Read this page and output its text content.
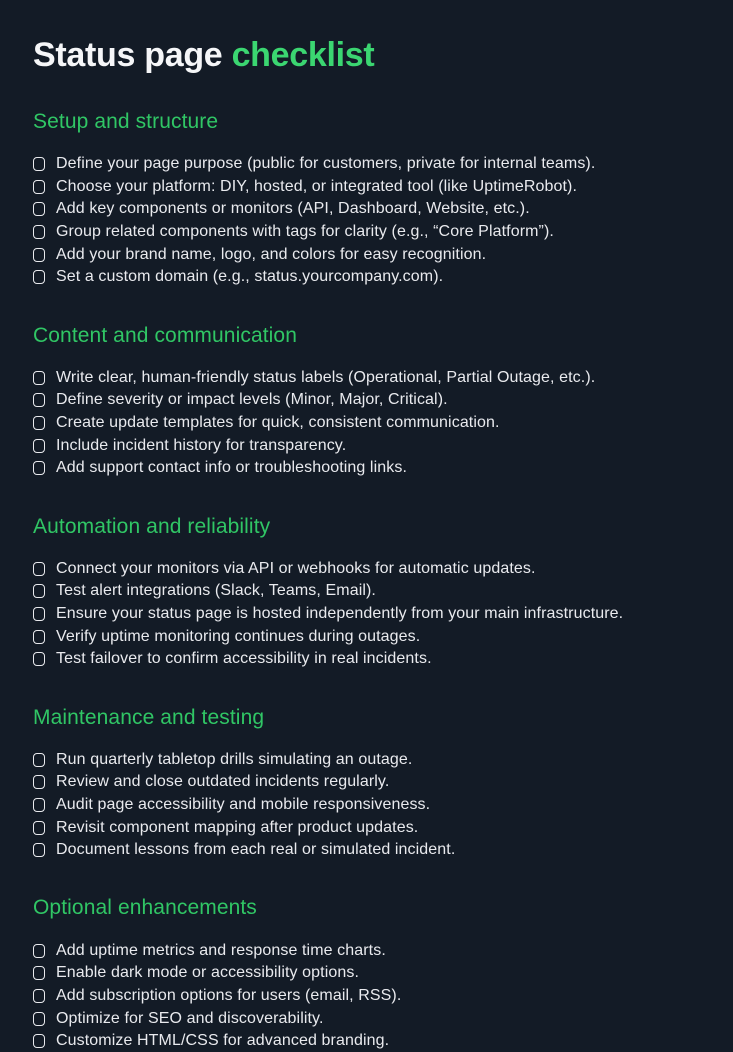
Status page checklist
Setup and structure
Define your page purpose (public for customers, private for internal teams).
Choose your platform: DIY, hosted, or integrated tool (like UptimeRobot).
Add key components or monitors (API, Dashboard, Website, etc.).
Group related components with tags for clarity (e.g., “Core Platform”).
Add your brand name, logo, and colors for easy recognition.
Set a custom domain (e.g., status.yourcompany.com).
Content and communication
Write clear, human-friendly status labels (Operational, Partial Outage, etc.).
Define severity or impact levels (Minor, Major, Critical).
Create update templates for quick, consistent communication.
Include incident history for transparency.
Add support contact info or troubleshooting links.
Automation and reliability
Connect your monitors via API or webhooks for automatic updates.
Test alert integrations (Slack, Teams, Email).
Ensure your status page is hosted independently from your main infrastructure.
Verify uptime monitoring continues during outages.
Test failover to confirm accessibility in real incidents.
Maintenance and testing
Run quarterly tabletop drills simulating an outage.
Review and close outdated incidents regularly.
Audit page accessibility and mobile responsiveness.
Revisit component mapping after product updates.
Document lessons from each real or simulated incident.
Optional enhancements
Add uptime metrics and response time charts.
Enable dark mode or accessibility options.
Add subscription options for users (email, RSS).
Optimize for SEO and discoverability.
Customize HTML/CSS for advanced branding.
